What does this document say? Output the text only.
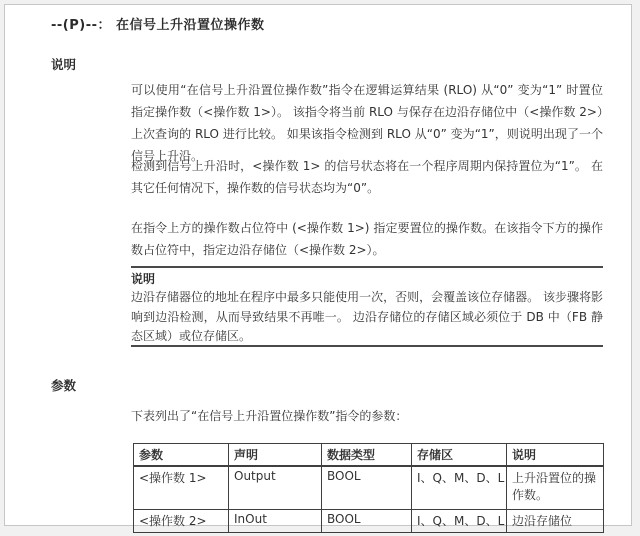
--(P)--： 在信号上升沿置位操作数
说明
可以使用“在信号上升沿置位操作数”指令在逻辑运算结果 (RLO) 从“0” 变为“1” 时置位指定操作数（<操作数 1>）。 该指令将当前 RLO 与保存在边沿存储位中（<操作数 2>）上次查询的 RLO 进行比较。 如果该指令检测到 RLO 从“0” 变为“1”，则说明出现了一个信号上升沿。
检测到信号上升沿时，<操作数 1> 的信号状态将在一个程序周期内保持置位为“1”。 在其它任何情况下，操作数的信号状态均为“0”。
在指令上方的操作数占位符中 (<操作数 1>) 指定要置位的操作数。在该指令下方的操作数占位符中，指定边沿存储位（<操作数 2>）。
说明
边沿存储器位的地址在程序中最多只能使用一次，否则，会覆盖该位存储器。 该步骤将影响到边沿检测，从而导致结果不再唯一。 边沿存储位的存储区域必须位于 DB 中（FB 静态区域）或位存储区。
参数
下表列出了“在信号上升沿置位操作数”指令的参数：
参数	声明	数据类型	存储区	说明
<操作数 1>	Output	BOOL	I、Q、M、D、L	上升沿置位的操作数。
<操作数 2>	InOut	BOOL	I、Q、M、D、L	边沿存储位
